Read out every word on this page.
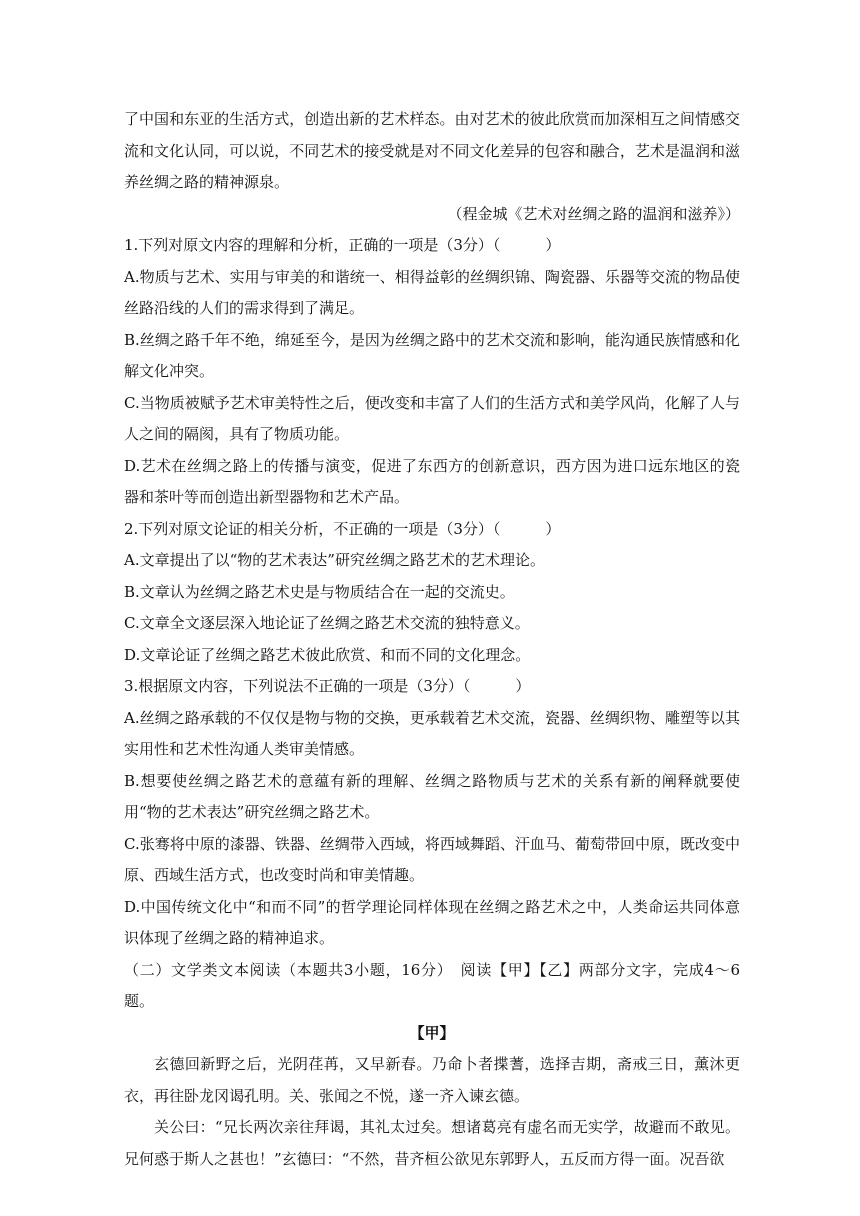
了中国和东亚的生活方式，创造出新的艺术样态。由对艺术的彼此欣赏而加深相互之间情感交流和文化认同，可以说，不同艺术的接受就是对不同文化差异的包容和融合，艺术是温润和滋养丝绸之路的精神源泉。

（程金城《艺术对丝绸之路的温润和滋养》）

1.下列对原文内容的理解和分析，正确的一项是（3分）（　　　）

A.物质与艺术、实用与审美的和谐统一、相得益彰的丝绸织锦、陶瓷器、乐器等交流的物品使丝路沿线的人们的需求得到了满足。

B.丝绸之路千年不绝，绵延至今，是因为丝绸之路中的艺术交流和影响，能沟通民族情感和化解文化冲突。

C.当物质被赋予艺术审美特性之后，便改变和丰富了人们的生活方式和美学风尚，化解了人与人之间的隔阂，具有了物质功能。

D.艺术在丝绸之路上的传播与演变，促进了东西方的创新意识，西方因为进口远东地区的瓷器和茶叶等而创造出新型器物和艺术产品。

2.下列对原文论证的相关分析，不正确的一项是（3分）（　　　）

A.文章提出了以“物的艺术表达”研究丝绸之路艺术的艺术理论。

B.文章认为丝绸之路艺术史是与物质结合在一起的交流史。

C.文章全文逐层深入地论证了丝绸之路艺术交流的独特意义。

D.文章论证了丝绸之路艺术彼此欣赏、和而不同的文化理念。

3.根据原文内容，下列说法不正确的一项是（3分）（　　　）

A.丝绸之路承载的不仅仅是物与物的交换，更承载着艺术交流，瓷器、丝绸织物、雕塑等以其实用性和艺术性沟通人类审美情感。

B.想要使丝绸之路艺术的意蕴有新的理解、丝绸之路物质与艺术的关系有新的阐释就要使用“物的艺术表达”研究丝绸之路艺术。

C.张骞将中原的漆器、铁器、丝绸带入西域，将西域舞蹈、汗血马、葡萄带回中原，既改变中原、西域生活方式，也改变时尚和审美情趣。

D.中国传统文化中“和而不同”的哲学理论同样体现在丝绸之路艺术之中，人类命运共同体意识体现了丝绸之路的精神追求。

（二）文学类文本阅读（本题共3小题，16分）　阅读【甲】【乙】两部分文字，完成4～6题。

【甲】

玄德回新野之后，光阴荏苒，又早新春。乃命卜者揲蓍，选择吉期，斋戒三日，薰沐更衣，再往卧龙冈谒孔明。关、张闻之不悦，遂一齐入谏玄德。

关公曰：“兄长两次亲往拜谒，其礼太过矣。想诸葛亮有虚名而无实学，故避而不敢见。兄何惑于斯人之甚也！”玄德曰：“不然，昔齐桓公欲见东郭野人，五反而方得一面。况吾欲
